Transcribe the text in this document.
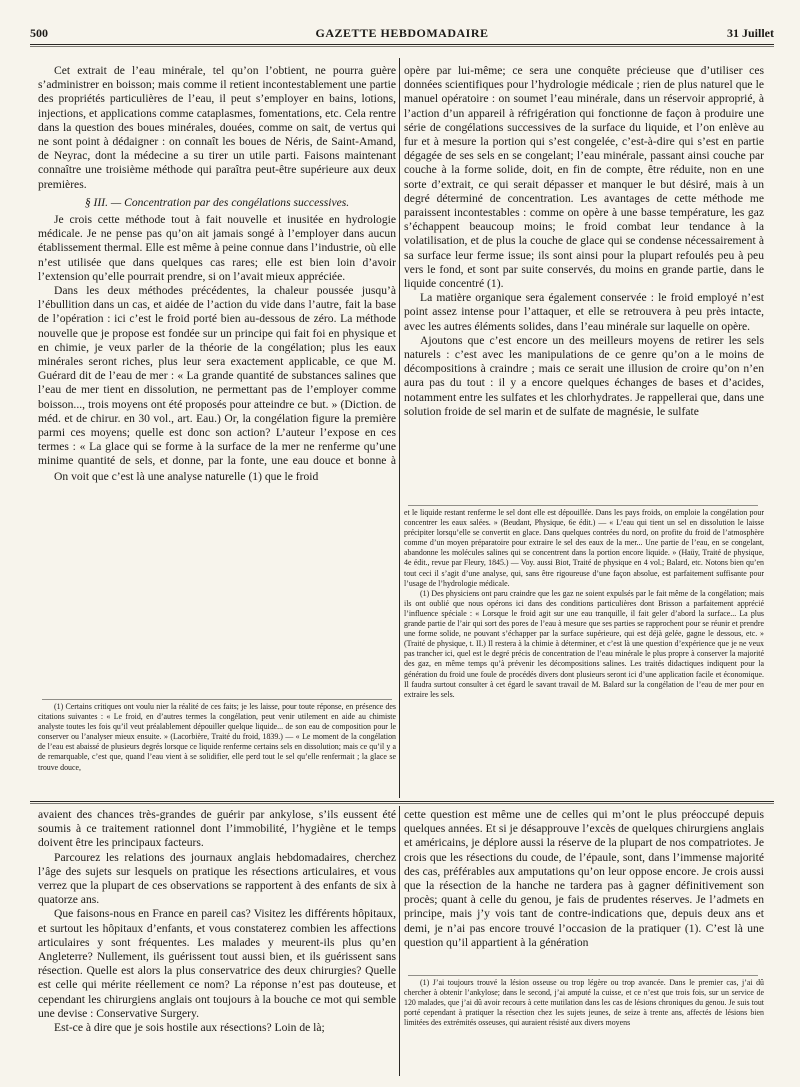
500	GAZETTE HEBDOMADAIRE	31 Juillet

Cet extrait de l’eau minérale, tel qu’on l’obtient, ne pourra guère s’administrer en boisson; mais comme il retient incontestablement une partie des propriétés particulières de l’eau, il peut s’employer en bains, lotions, injections, et applications comme cataplasmes, fomentations, etc. Cela rentre dans la question des boues minérales, douées, comme on sait, de vertus qui ne sont point à dédaigner : on connaît les boues de Néris, de Saint-Amand, de Neyrac, dont la médecine a su tirer un utile parti. Faisons maintenant connaître une troisième méthode qui paraîtra peut-être supérieure aux deux premières.

§ III. — Concentration par des congélations successives.

Je crois cette méthode tout à fait nouvelle et inusitée en hydrologie médicale. Je ne pense pas qu’on ait jamais songé à l’employer dans aucun établissement thermal. Elle est même à peine connue dans l’industrie, où elle n’est utilisée que dans quelques cas rares; elle est bien loin d’avoir l’extension qu’elle pourrait prendre, si on l’avait mieux appréciée.

Dans les deux méthodes précédentes, la chaleur poussée jusqu’à l’ébullition dans un cas, et aidée de l’action du vide dans l’autre, fait la base de l’opération : ici c’est le froid porté bien au-dessous de zéro. La méthode nouvelle que je propose est fondée sur un principe qui fait foi en physique et en chimie, je veux parler de la théorie de la congélation; plus les eaux minérales seront riches, plus leur sera exactement applicable, ce que M. Guérard dit de l’eau de mer : « La grande quantité de substances salines que l’eau de mer tient en dissolution, ne permettant pas de l’employer comme boisson..., trois moyens ont été proposés pour atteindre ce but. » (Diction. de méd. et de chirur. en 30 vol., art. Eau.) Or, la congélation figure la première parmi ces moyens; quelle est donc son action? L’auteur l’expose en ces termes : « La glace qui se forme à la surface de la mer ne renferme qu’une minime quantité de sels, et donne, par la fonte, une eau douce et bonne à

On voit que c’est là une analyse naturelle (1) que le froid

(1) Certains critiques ont voulu nier la réalité de ces faits; je les laisse, pour toute réponse, en présence des citations suivantes : « Le froid, en d’autres termes la congélation, peut venir utilement en aide au chimiste analyste toutes les fois qu’il veut préalablement dépouiller quelque liquide... de son eau de composition pour le conserver ou l’analyser mieux ensuite. » (Lacorbière, Traité du froid, 1839.) — « Le moment de la congélation de l’eau est abaissé de plusieurs degrés lorsque ce liquide renferme certains sels en dissolution; mais ce qu’il y a de remarquable, c’est que, quand l’eau vient à se solidifier, elle perd tout le sel qu’elle renfermait ; la glace se trouve douce,

opère par lui-même; ce sera une conquête précieuse que d’utiliser ces données scientifiques pour l’hydrologie médicale ; rien de plus naturel que le manuel opératoire : on soumet l’eau minérale, dans un réservoir approprié, à l’action d’un appareil à réfrigération qui fonctionne de façon à produire une série de congélations successives de la surface du liquide, et l’on enlève au fur et à mesure la portion qui s’est congelée, c’est-à-dire qui s’est en partie dégagée de ses sels en se congelant; l’eau minérale, passant ainsi couche par couche à la forme solide, doit, en fin de compte, être réduite, non en une sorte d’extrait, ce qui serait dépasser et manquer le but désiré, mais à un degré déterminé de concentration. Les avantages de cette méthode me paraissent incontestables : comme on opère à une basse température, les gaz s’échappent beaucoup moins; le froid combat leur tendance à la volatilisation, et de plus la couche de glace qui se condense nécessairement à sa surface leur ferme issue; ils sont ainsi pour la plupart refoulés peu à peu vers le fond, et sont par suite conservés, du moins en grande partie, dans le liquide concentré (1).

La matière organique sera également conservée : le froid employé n’est point assez intense pour l’attaquer, et elle se retrouvera à peu près intacte, avec les autres éléments solides, dans l’eau minérale sur laquelle on opère.

Ajoutons que c’est encore un des meilleurs moyens de retirer les sels naturels : c’est avec les manipulations de ce genre qu’on a le moins de décompositions à craindre ; mais ce serait une illusion de croire qu’on n’en aura pas du tout : il y a encore quelques échanges de bases et d’acides, notamment entre les sulfates et les chlorhydrates. Je rappellerai que, dans une solution froide de sel marin et de sulfate de magnésie, le sulfate

et le liquide restant renferme le sel dont elle est dépouillée. Dans les pays froids, on emploie la congélation pour concentrer les eaux salées. » (Beudant, Physique, 6e édit.) — « L’eau qui tient un sel en dissolution le laisse précipiter lorsqu’elle se convertit en glace. Dans quelques contrées du nord, on profite du froid de l’atmosphère comme d’un moyen préparatoire pour extraire le sel des eaux de la mer... Une partie de l’eau, en se congelant, abandonne les molécules salines qui se concentrent dans la portion encore liquide. » (Haüy, Traité de physique, 4e édit., revue par Fleury, 1845.) — Voy. aussi Biot, Traité de physique en 4 vol.; Balard, etc. Notons bien qu’en tout ceci il s’agit d’une analyse, qui, sans être rigoureuse d’une façon absolue, est parfaitement suffisante pour l’usage de l’hydrologie médicale.

(1) Des physiciens ont paru craindre que les gaz ne soient expulsés par le fait même de la congélation; mais ils ont oublié que nous opérons ici dans des conditions particulières dont Brisson a parfaitement apprécié l’influence spéciale : « Lorsque le froid agit sur une eau tranquille, il fait geler d’abord la surface... La plus grande partie de l’air qui sort des pores de l’eau à mesure que ses parties se rapprochent pour se réunir et prendre une forme solide, ne pouvant s’échapper par la surface supérieure, qui est déjà gelée, gagne le dessous, etc. » (Traité de physique, t. II.) Il restera à la chimie à déterminer, et c’est là une question d’expérience que je ne veux pas trancher ici, quel est le degré précis de concentration de l’eau minérale le plus propre à conserver la majorité des gaz, en même temps qu’à prévenir les décompositions salines. Les traités didactiques indiquent pour la génération du froid une foule de procédés divers dont plusieurs seront ici d’une application facile et économique. Il faudra surtout consulter à cet égard le savant travail de M. Balard sur la congélation de l’eau de mer pour en extraire les sels.

avaient des chances très-grandes de guérir par ankylose, s’ils eussent été soumis à ce traitement rationnel dont l’immobilité, l’hygiène et le temps doivent être les principaux facteurs.

Parcourez les relations des journaux anglais hebdomadaires, cherchez l’âge des sujets sur lesquels on pratique les résections articulaires, et vous verrez que la plupart de ces observations se rapportent à des enfants de six à quatorze ans.

Que faisons-nous en France en pareil cas? Visitez les différents hôpitaux, et surtout les hôpitaux d’enfants, et vous constaterez combien les affections articulaires y sont fréquentes. Les malades y meurent-ils plus qu’en Angleterre? Nullement, ils guérissent tout aussi bien, et ils guérissent sans résection. Quelle est alors la plus conservatrice des deux chirurgies? Quelle est celle qui mérite réellement ce nom? La réponse n’est pas douteuse, et cependant les chirurgiens anglais ont toujours à la bouche ce mot qui semble une devise : Conservative Surgery.

Est-ce à dire que je sois hostile aux résections? Loin de là;

cette question est même une de celles qui m’ont le plus préoccupé depuis quelques années. Et si je désapprouve l’excès de quelques chirurgiens anglais et américains, je déplore aussi la réserve de la plupart de nos compatriotes. Je crois que les résections du coude, de l’épaule, sont, dans l’immense majorité des cas, préférables aux amputations qu’on leur oppose encore. Je crois aussi que la résection de la hanche ne tardera pas à gagner définitivement son procès; quant à celle du genou, je fais de prudentes réserves. Je l’admets en principe, mais j’y vois tant de contre-indications que, depuis deux ans et demi, je n’ai pas encore trouvé l’occasion de la pratiquer (1). C’est là une question qu’il appartient à la génération

(1) J’ai toujours trouvé la lésion osseuse ou trop légère ou trop avancée. Dans le premier cas, j’ai dû chercher à obtenir l’ankylose; dans le second, j’ai amputé la cuisse, et ce n’est que trois fois, sur un service de 120 malades, que j’ai dû avoir recours à cette mutilation dans les cas de lésions chroniques du genou. Je suis tout porté cependant à pratiquer la résection chez les sujets jeunes, de seize à trente ans, affectés de lésions bien limitées des extrémités osseuses, qui auraient résisté aux divers moyens
